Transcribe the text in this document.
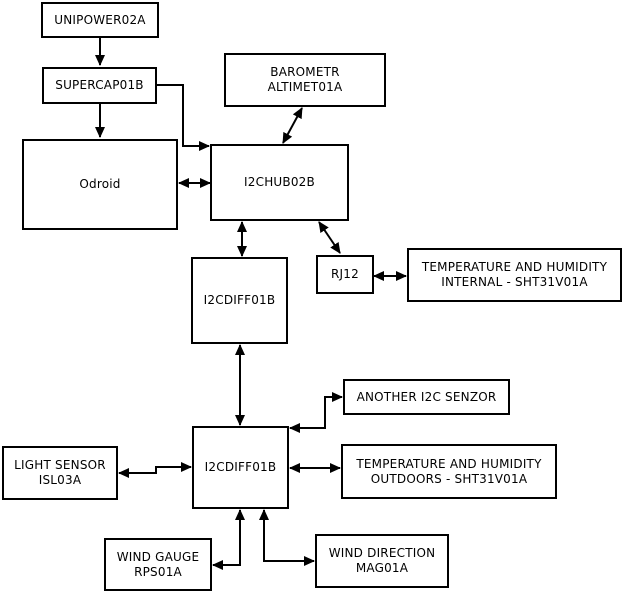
UNIPOWER02A
SUPERCAP01B
Odroid
BAROMETR
ALTIMET01A
I2CHUB02B
RJ12	TEMPERATURE AND HUMIDITY
INTERNAL - SHT31V01A
I2CDIFF01B
ANOTHER I2C SENZOR
I2CDIFF01B
LIGHT SENSOR
ISL03A
TEMPERATURE AND HUMIDITY
OUTDOORS - SHT31V01A
WIND GAUGE
RPS01A
WIND DIRECTION
MAG01A
